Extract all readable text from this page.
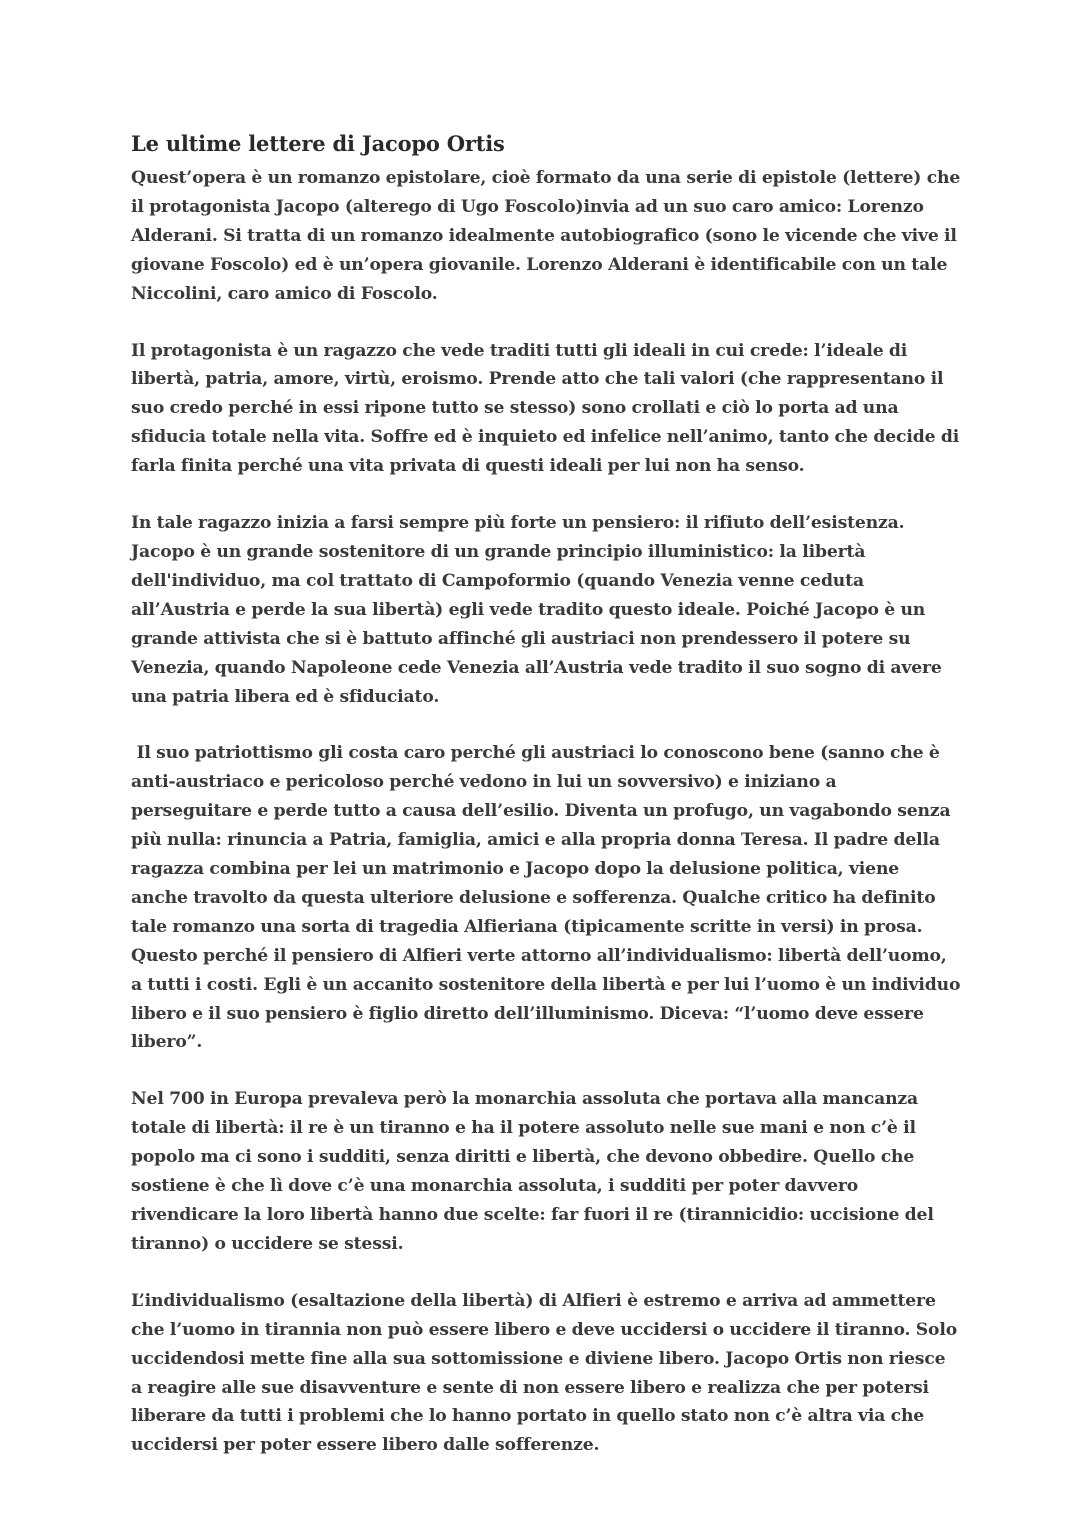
Le ultime lettere di Jacopo Ortis

Quest’opera è un romanzo epistolare, cioè formato da una serie di epistole (lettere) che il protagonista Jacopo (alterego di Ugo Foscolo)invia ad un suo caro amico: Lorenzo Alderani. Si tratta di un romanzo idealmente autobiografico (sono le vicende che vive il giovane Foscolo) ed è un’opera giovanile. Lorenzo Alderani è identificabile con un tale Niccolini, caro amico di Foscolo.

Il protagonista è un ragazzo che vede traditi tutti gli ideali in cui crede: l’ideale di libertà, patria, amore, virtù, eroismo. Prende atto che tali valori (che rappresentano il suo credo perché in essi ripone tutto se stesso) sono crollati e ciò lo porta ad una sfiducia totale nella vita. Soffre ed è inquieto ed infelice nell’animo, tanto che decide di farla finita perché una vita privata di questi ideali per lui non ha senso.

In tale ragazzo inizia a farsi sempre più forte un pensiero: il rifiuto dell’esistenza. Jacopo è un grande sostenitore di un grande principio illuministico: la libertà dell'individuo, ma col trattato di Campoformio (quando Venezia venne ceduta all’Austria e perde la sua libertà) egli vede tradito questo ideale. Poiché Jacopo è un grande attivista che si è battuto affinché gli austriaci non prendessero il potere su Venezia, quando Napoleone cede Venezia all’Austria vede tradito il suo sogno di avere una patria libera ed è sfiduciato.

Il suo patriottismo gli costa caro perché gli austriaci lo conoscono bene (sanno che è anti-austriaco e pericoloso perché vedono in lui un sovversivo) e iniziano a perseguitare e perde tutto a causa dell’esilio. Diventa un profugo, un vagabondo senza più nulla: rinuncia a Patria, famiglia, amici e alla propria donna Teresa. Il padre della ragazza combina per lei un matrimonio e Jacopo dopo la delusione politica, viene anche travolto da questa ulteriore delusione e sofferenza. Qualche critico ha definito tale romanzo una sorta di tragedia Alfieriana (tipicamente scritte in versi) in prosa. Questo perché il pensiero di Alfieri verte attorno all’individualismo: libertà dell’uomo, a tutti i costi. Egli è un accanito sostenitore della libertà e per lui l’uomo è un individuo libero e il suo pensiero è figlio diretto dell’illuminismo. Diceva: “l’uomo deve essere libero”.

Nel 700 in Europa prevaleva però la monarchia assoluta che portava alla mancanza totale di libertà: il re è un tiranno e ha il potere assoluto nelle sue mani e non c’è il popolo ma ci sono i sudditi, senza diritti e libertà, che devono obbedire. Quello che sostiene è che lì dove c’è una monarchia assoluta, i sudditi per poter davvero rivendicare la loro libertà hanno due scelte: far fuori il re (tirannicidio: uccisione del tiranno) o uccidere se stessi.

L’individualismo (esaltazione della libertà) di Alfieri è estremo e arriva ad ammettere che l’uomo in tirannia non può essere libero e deve uccidersi o uccidere il tiranno. Solo uccidendosi mette fine alla sua sottomissione e diviene libero. Jacopo Ortis non riesce a reagire alle sue disavventure e sente di non essere libero e realizza che per potersi liberare da tutti i problemi che lo hanno portato in quello stato non c’è altra via che uccidersi per poter essere libero dalle sofferenze.
